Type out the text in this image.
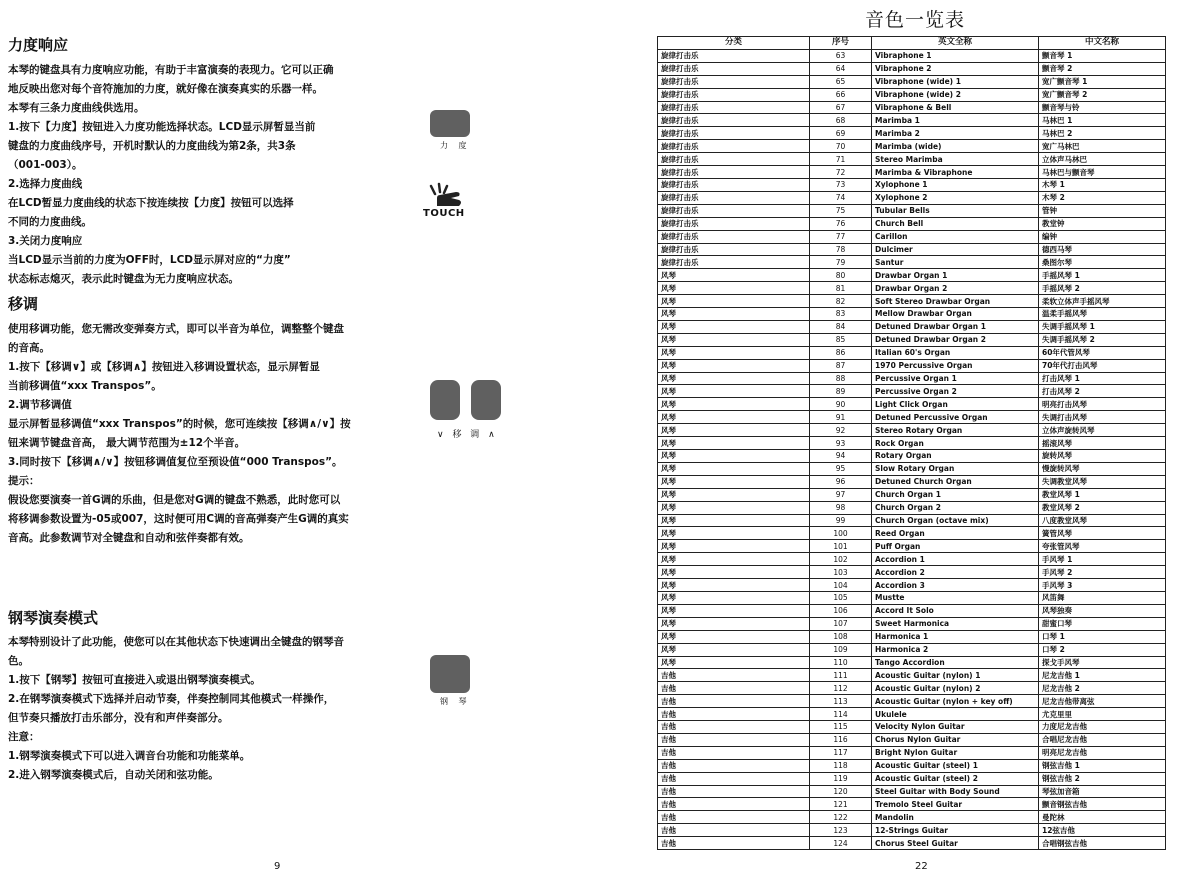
力度响应
本琴的键盘具有力度响应功能，有助于丰富演奏的表现力。它可以正确
地反映出您对每个音符施加的力度，就好像在演奏真实的乐器一样。
本琴有三条力度曲线供选用。
1.按下【力度】按钮进入力度功能选择状态。LCD显示屏暂显当前
键盘的力度曲线序号，开机时默认的力度曲线为第2条，共3条
（001-003）。
2.选择力度曲线
在LCD暂显力度曲线的状态下按连续按【力度】按钮可以选择
不同的力度曲线。
3.关闭力度响应
当LCD显示当前的力度为OFF时，LCD显示屏对应的“力度”
状态标志熄灭，表示此时键盘为无力度响应状态。
力 度
TOUCH
移调
使用移调功能，您无需改变弹奏方式，即可以半音为单位，调整整个键盘
的音高。
1.按下【移调∨】或【移调∧】按钮进入移调设置状态，显示屏暂显
当前移调值“xxx Transpos”。
2.调节移调值
显示屏暂显移调值“xxx Transpos”的时候，您可连续按【移调∧/∨】按
钮来调节键盘音高， 最大调节范围为±12个半音。
3.同时按下【移调∧/∨】按钮移调值复位至预设值“000 Transpos”。
提示：
假设您要演奏一首G调的乐曲，但是您对G调的键盘不熟悉，此时您可以
将移调参数设置为-05或007，这时便可用C调的音高弹奏产生G调的真实
音高。此参数调节对全键盘和自动和弦伴奏都有效。
∨ 移 调 ∧
钢琴演奏模式
本琴特别设计了此功能，使您可以在其他状态下快速调出全键盘的钢琴音
色。
1.按下【钢琴】按钮可直接进入或退出钢琴演奏模式。
2.在钢琴演奏模式下选择并启动节奏，伴奏控制同其他模式一样操作，
但节奏只播放打击乐部分，没有和声伴奏部分。
注意：
1.钢琴演奏模式下可以进入调音台功能和功能菜单。
2.进入钢琴演奏模式后，自动关闭和弦功能。
钢 琴
9
音色一览表
分类	序号	英文全称	中文名称
旋律打击乐	63	Vibraphone 1	颤音琴 1
旋律打击乐	64	Vibraphone 2	颤音琴 2
旋律打击乐	65	Vibraphone (wide) 1	宽广颤音琴 1
旋律打击乐	66	Vibraphone (wide) 2	宽广颤音琴 2
旋律打击乐	67	Vibraphone & Bell	颤音琴与铃
旋律打击乐	68	Marimba 1	马林巴 1
旋律打击乐	69	Marimba 2	马林巴 2
旋律打击乐	70	Marimba (wide)	宽广马林巴
旋律打击乐	71	Stereo Marimba	立体声马林巴
旋律打击乐	72	Marimba & Vibraphone	马林巴与颤音琴
旋律打击乐	73	Xylophone 1	木琴 1
旋律打击乐	74	Xylophone 2	木琴 2
旋律打击乐	75	Tubular Bells	管钟
旋律打击乐	76	Church Bell	教堂钟
旋律打击乐	77	Carillon	编钟
旋律打击乐	78	Dulcimer	德西马琴
旋律打击乐	79	Santur	桑图尔琴
风琴	80	Drawbar Organ 1	手摇风琴 1
风琴	81	Drawbar Organ 2	手摇风琴 2
风琴	82	Soft Stereo Drawbar Organ	柔软立体声手摇风琴
风琴	83	Mellow Drawbar Organ	温柔手摇风琴
风琴	84	Detuned Drawbar Organ 1	失调手摇风琴 1
风琴	85	Detuned Drawbar Organ 2	失调手摇风琴 2
风琴	86	Italian 60's Organ	60年代管风琴
风琴	87	1970 Percussive Organ	70年代打击风琴
风琴	88	Percussive Organ 1	打击风琴 1
风琴	89	Percussive Organ 2	打击风琴 2
风琴	90	Light Click Organ	明亮打击风琴
风琴	91	Detuned Percussive Organ	失调打击风琴
风琴	92	Stereo Rotary Organ	立体声旋转风琴
风琴	93	Rock Organ	摇滚风琴
风琴	94	Rotary Organ	旋转风琴
风琴	95	Slow Rotary Organ	慢旋转风琴
风琴	96	Detuned Church Organ	失调教堂风琴
风琴	97	Church Organ 1	教堂风琴 1
风琴	98	Church Organ 2	教堂风琴 2
风琴	99	Church Organ (octave mix)	八度教堂风琴
风琴	100	Reed Organ	簧管风琴
风琴	101	Puff Organ	夸张管风琴
风琴	102	Accordion 1	手风琴 1
风琴	103	Accordion 2	手风琴 2
风琴	104	Accordion 3	手风琴 3
风琴	105	Mustte	风笛舞
风琴	106	Accord It Solo	风琴独奏
风琴	107	Sweet Harmonica	甜蜜口琴
风琴	108	Harmonica 1	口琴 1
风琴	109	Harmonica 2	口琴 2
风琴	110	Tango Accordion	探戈手风琴
吉他	111	Acoustic Guitar (nylon) 1	尼龙吉他 1
吉他	112	Acoustic Guitar (nylon) 2	尼龙吉他 2
吉他	113	Acoustic Guitar (nylon + key off)	尼龙吉他带离弦
吉他	114	Ukulele	尤克里里
吉他	115	Velocity Nylon Guitar	力度尼龙吉他
吉他	116	Chorus Nylon Guitar	合唱尼龙吉他
吉他	117	Bright Nylon Guitar	明亮尼龙吉他
吉他	118	Acoustic Guitar (steel) 1	钢弦吉他 1
吉他	119	Acoustic Guitar (steel) 2	钢弦吉他 2
吉他	120	Steel Guitar with Body Sound	琴弦加音箱
吉他	121	Tremolo Steel Guitar	颤音钢弦吉他
吉他	122	Mandolin	曼陀林
吉他	123	12-Strings Guitar	12弦吉他
吉他	124	Chorus Steel Guitar	合唱钢弦吉他
22
